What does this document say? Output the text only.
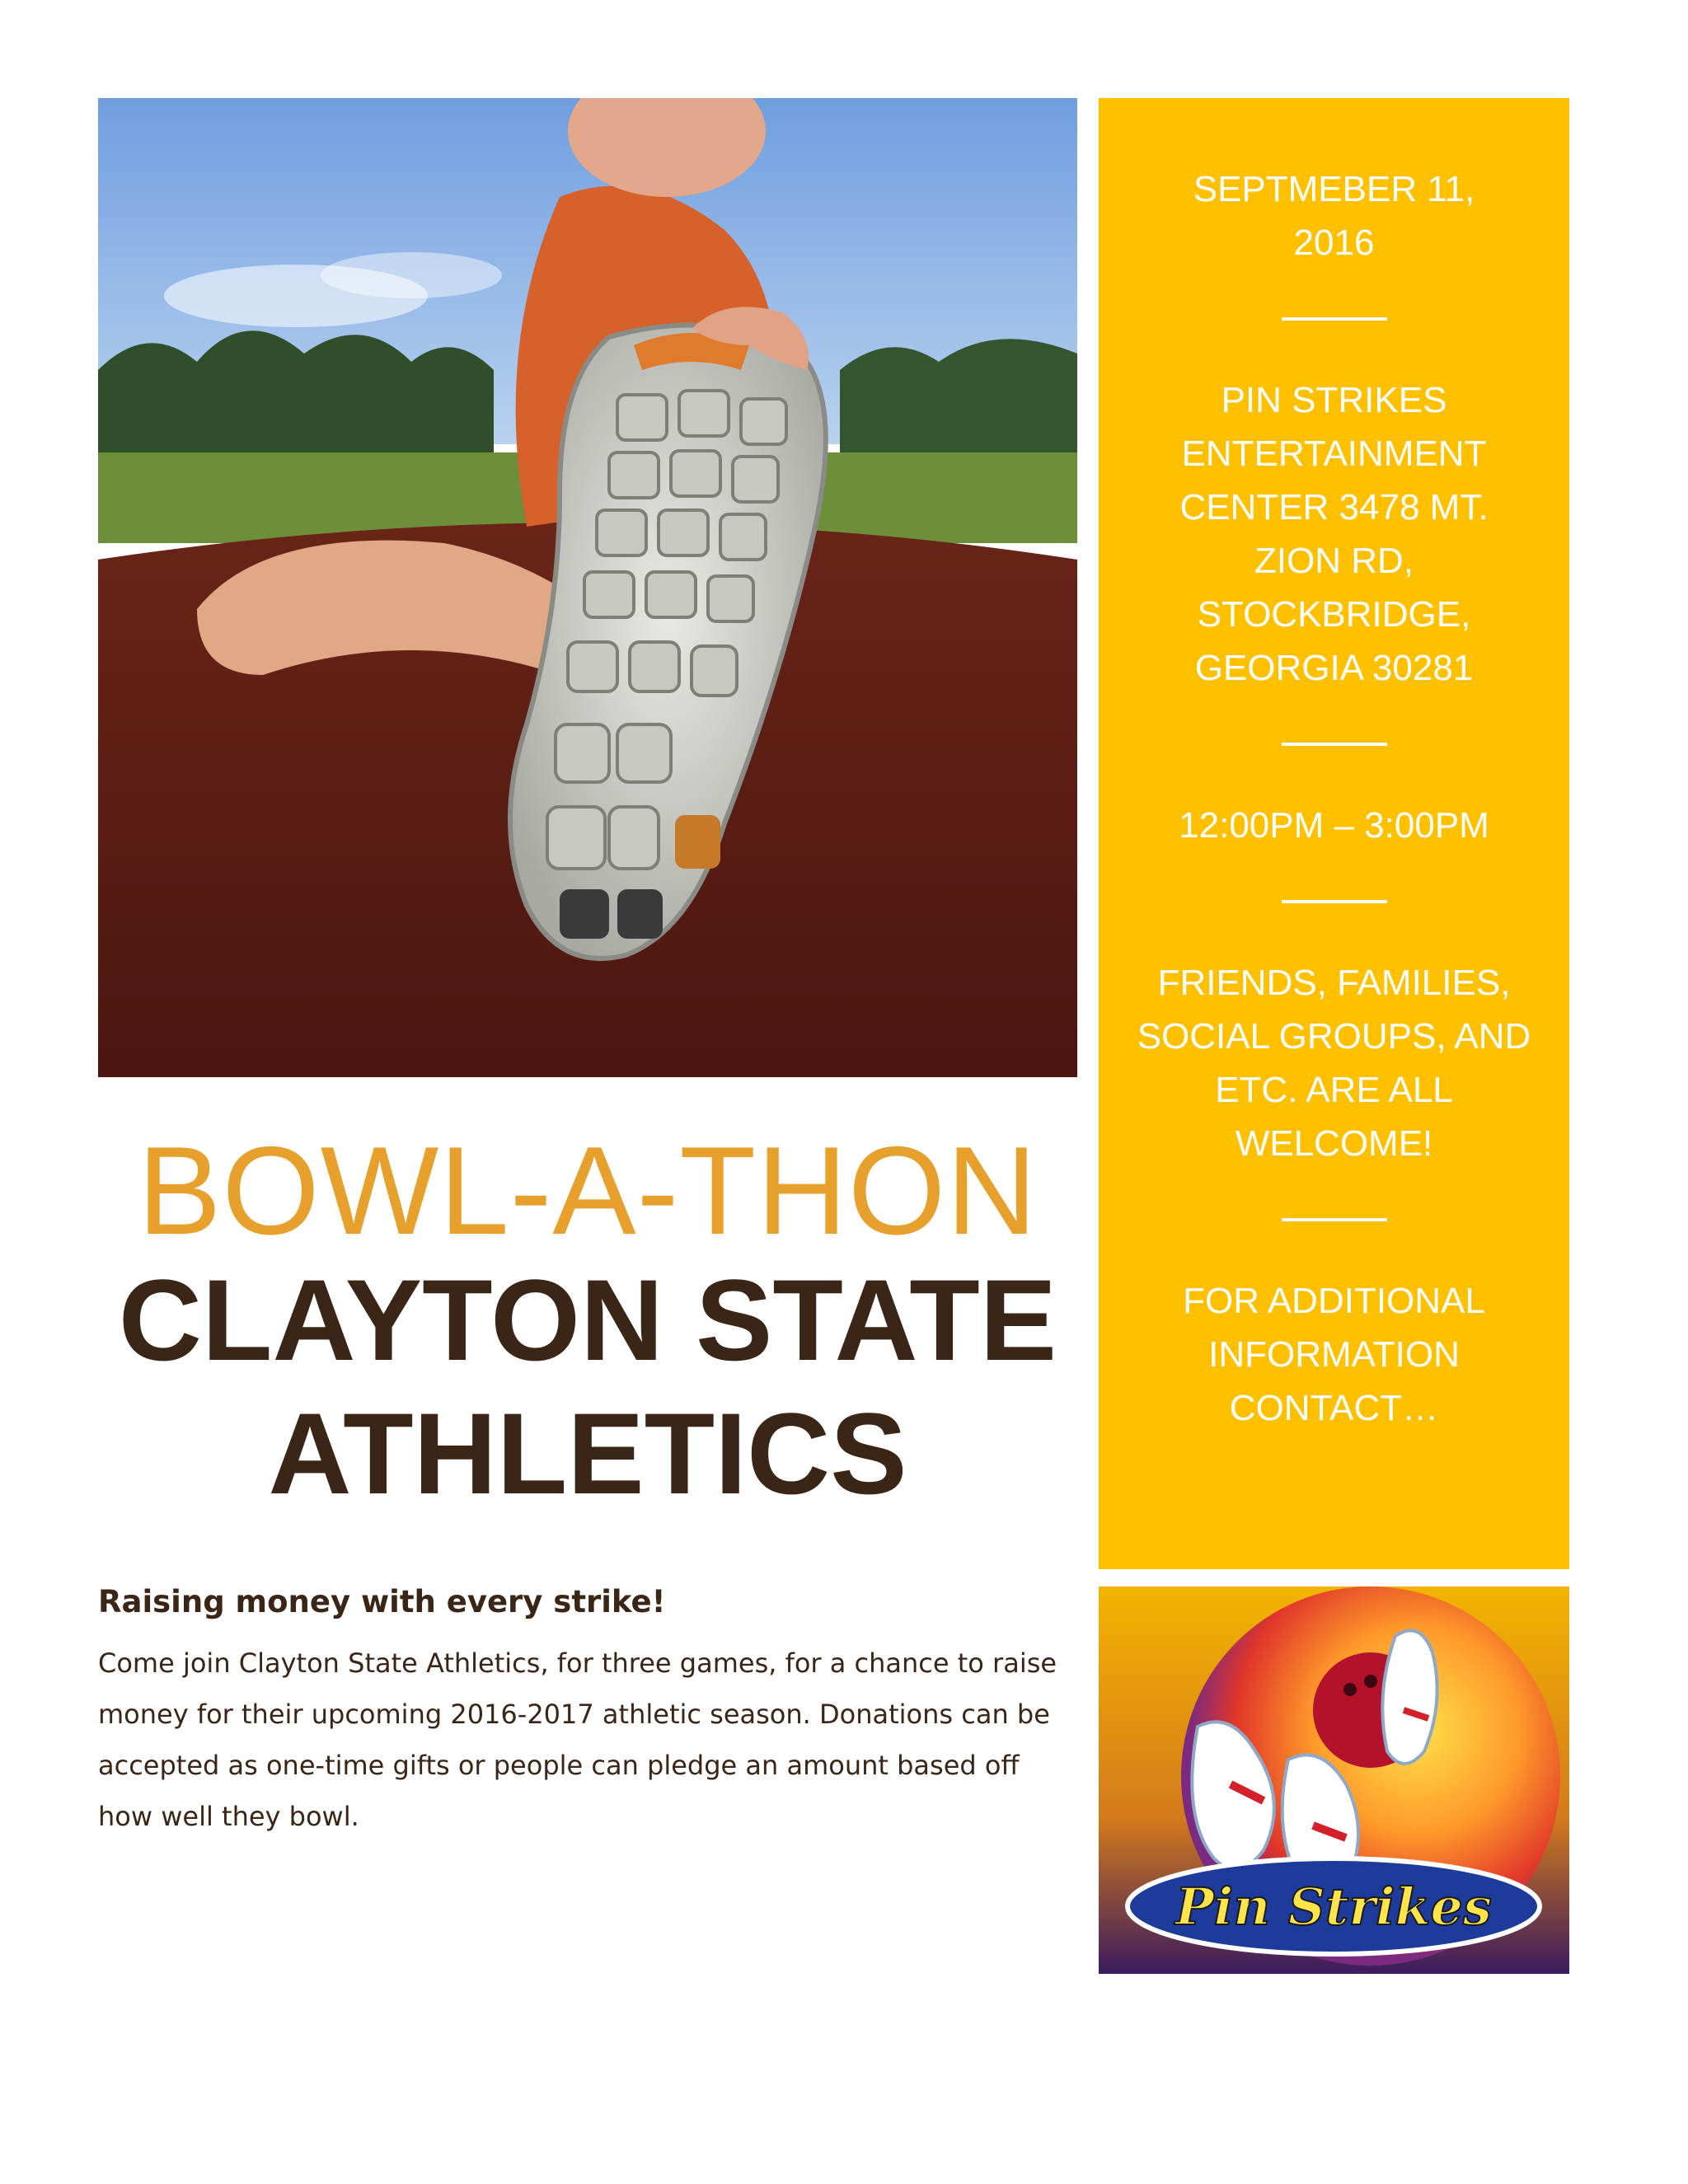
BOWL-A-THON

CLAYTON STATE

ATHLETICS

Raising money with every strike!

Come join Clayton State Athletics, for three games, for a chance to raise money for their upcoming 2016-2017 athletic season. Donations can be accepted as one-time gifts or people can pledge an amount based off how well they bowl.

SEPTMEBER 11, 2016

PIN STRIKES ENTERTAINMENT CENTER 3478 MT. ZION RD, STOCKBRIDGE, GEORGIA 30281

12:00PM – 3:00PM

FRIENDS, FAMILIES, SOCIAL GROUPS, AND ETC. ARE ALL WELCOME!

FOR ADDITIONAL INFORMATION CONTACT…

Pin Strikes
